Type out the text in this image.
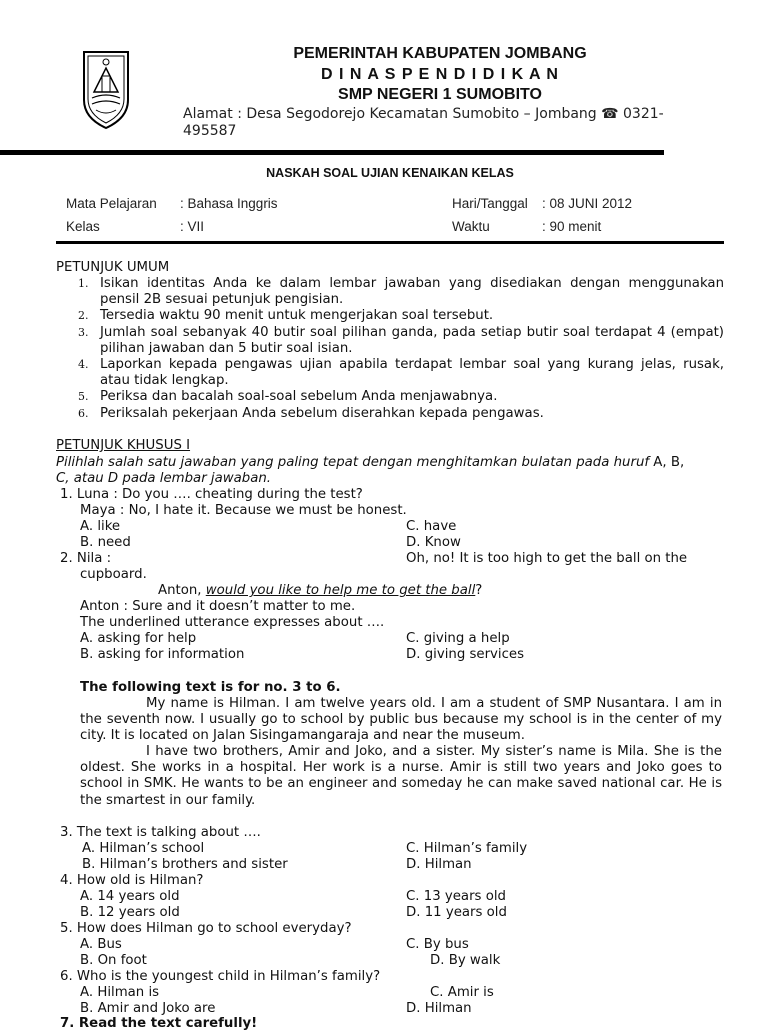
PEMERINTAH KABUPATEN JOMBANG
D I N A S P E N D I D I K A N
SMP NEGERI 1 SUMOBITO
Alamat : Desa Segodorejo Kecamatan Sumobito – Jombang ☎ 0321-495587
NASKAH SOAL UJIAN KENAIKAN KELAS
Mata Pelajaran : Bahasa Inggris	Hari/Tanggal : 08 JUNI 2012
Kelas	: VII	Waktu	: 90 menit
PETUNJUK UMUM
1. Isikan identitas Anda ke dalam lembar jawaban yang disediakan dengan menggunakan pensil 2B sesuai petunjuk pengisian.
2. Tersedia waktu 90 menit untuk mengerjakan soal tersebut.
3. Jumlah soal sebanyak 40 butir soal pilihan ganda, pada setiap butir soal terdapat 4 (empat) pilihan jawaban dan 5 butir soal isian.
4. Laporkan kepada pengawas ujian apabila terdapat lembar soal yang kurang jelas, rusak, atau tidak lengkap.
5. Periksa dan bacalah soal-soal sebelum Anda menjawabnya.
6. Periksalah pekerjaan Anda sebelum diserahkan kepada pengawas.
PETUNJUK KHUSUS I
Pilihlah salah satu jawaban yang paling tepat dengan menghitamkan bulatan pada huruf A, B,
C, atau D pada lembar jawaban.
1. Luna : Do you …. cheating during the test?
Maya : No, I hate it. Because we must be honest.
A. like	C. have
B. need	D. Know
2. Nila :	Oh, no! It is too high to get the ball on the
cupboard.
Anton, would you like to help me to get the ball?
Anton : Sure and it doesn’t matter to me.
The underlined utterance expresses about ….
A. asking for help	C. giving a help
B. asking for information	D. giving services
The following text is for no. 3 to 6.
My name is Hilman. I am twelve years old. I am a student of SMP Nusantara. I am in the seventh now. I usually go to school by public bus because my school is in the center of my city. It is located on Jalan Sisingamangaraja and near the museum.
I have two brothers, Amir and Joko, and a sister. My sister’s name is Mila. She is the oldest. She works in a hospital. Her work is a nurse. Amir is still two years and Joko goes to school in SMK. He wants to be an engineer and someday he can make saved national car. He is the smartest in our family.
3. The text is talking about ….
A. Hilman’s school	C. Hilman’s family
B. Hilman’s brothers and sister	D. Hilman
4. How old is Hilman?
A. 14 years old	C. 13 years old
B. 12 years old	D. 11 years old
5. How does Hilman go to school everyday?
A. Bus	C. By bus
B. On foot	D. By walk
6. Who is the youngest child in Hilman’s family?
A. Hilman is	C. Amir is
B. Amir and Joko are	D. Hilman
7. Read the text carefully!
